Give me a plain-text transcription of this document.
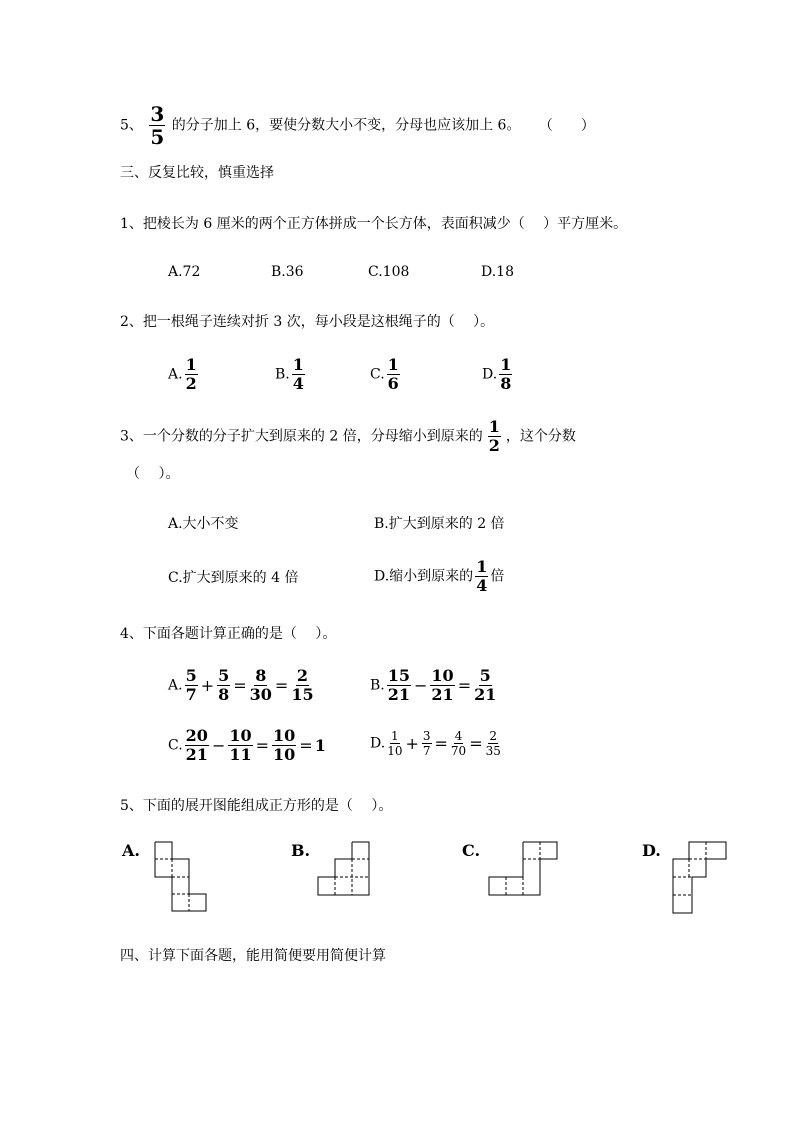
5、 $\frac{3}{5}$ 的分子加上 6，要使分数大小不变，分母也应该加上 6。 （　　）
三、反复比较，慎重选择
1、把棱长为 6 厘米的两个正方体拼成一个长方体，表面积减少（　 ）平方厘米。
A.72	B.36	C.108	D.18
2、把一根绳子连续对折 3 次，每小段是这根绳子的（　 ）。
A. $\frac{1}{2}$	B. $\frac{1}{4}$	C. $\frac{1}{6}$	D. $\frac{1}{8}$
3、一个分数的分子扩大到原来的 2 倍，分母缩小到原来的 $\frac{1}{2}$ ，这个分数
（　 ）。
A.大小不变	B.扩大到原来的 2 倍
C.扩大到原来的 4 倍	D.缩小到原来的 $\frac{1}{4}$ 倍
4、下面各题计算正确的是（　 ）。
A. $\frac{5}{7} + \frac{5}{8} = \frac{8}{30} = \frac{2}{15}$	B. $\frac{15}{21} - \frac{10}{21} = \frac{5}{21}$
C. $\frac{20}{21} - \frac{10}{11} = \frac{10}{10} = 1$	D. $\frac{1}{10} + \frac{3}{7} = \frac{4}{70} = \frac{2}{35}$
5、下面的展开图能组成正方形的是（　 ）。
A.	B.	C.	D.
四、计算下面各题，能用简便要用简便计算
